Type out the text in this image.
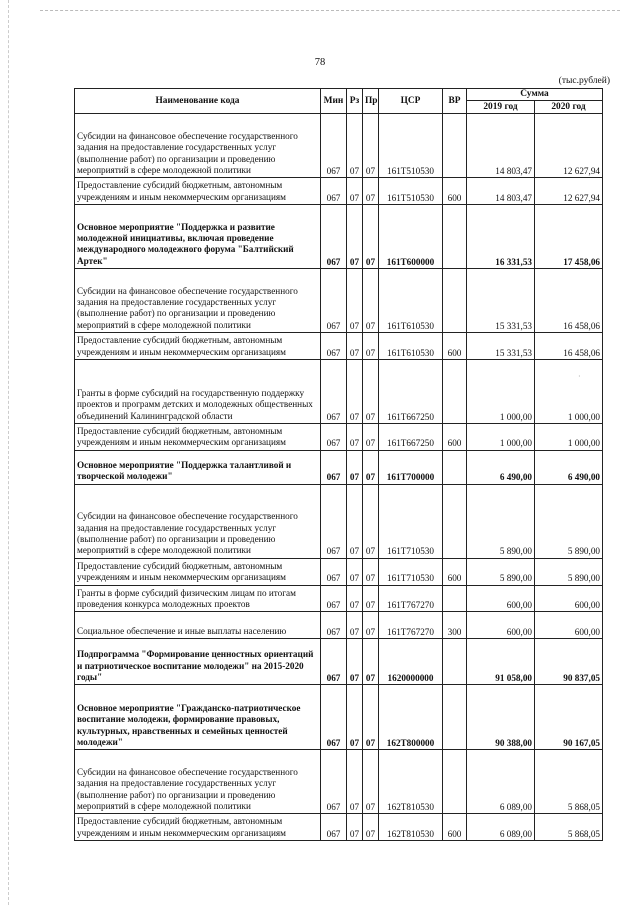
78
(тыс.рублей)
Наименование кода	Мин	Рз	Пр	ЦСР	ВР	Сумма	
						2019 год	2020 год
Субсидии на финансовое обеспечение государственного задания на предоставление государственных услуг (выполнение работ) по организации и проведению мероприятий в сфере молодежной политики	067	07	07	161Т510530		14 803,47	12 627,94
Предоставление субсидий бюджетным, автономным учреждениям и иным некоммерческим организациям	067	07	07	161Т510530	600	14 803,47	12 627,94
Основное мероприятие "Поддержка и развитие молодежной инициативы, включая проведение международного молодежного форума "Балтийский Артек"	067	07	07	161Т600000		16 331,53	17 458,06
Субсидии на финансовое обеспечение государственного задания на предоставление государственных услуг (выполнение работ) по организации и проведению мероприятий в сфере молодежной политики	067	07	07	161Т610530		15 331,53	16 458,06
Предоставление субсидий бюджетным, автономным учреждениям и иным некоммерческим организациям	067	07	07	161Т610530	600	15 331,53	16 458,06
Гранты в форме субсидий на государственную поддержку проектов и программ детских и молодежных общественных объединений Калининградской области	067	07	07	161Т667250		1 000,00	1 000,00
Предоставление субсидий бюджетным, автономным учреждениям и иным некоммерческим организациям	067	07	07	161Т667250	600	1 000,00	1 000,00
Основное мероприятие "Поддержка талантливой и творческой молодежи"	067	07	07	161Т700000		6 490,00	6 490,00
Субсидии на финансовое обеспечение государственного задания на предоставление государственных услуг (выполнение работ) по организации и проведению мероприятий в сфере молодежной политики	067	07	07	161Т710530		5 890,00	5 890,00
Предоставление субсидий бюджетным, автономным учреждениям и иным некоммерческим организациям	067	07	07	161Т710530	600	5 890,00	5 890,00
Гранты в форме субсидий физическим лицам по итогам проведения конкурса молодежных проектов	067	07	07	161Т767270		600,00	600,00
Социальное обеспечение и иные выплаты населению	067	07	07	161Т767270	300	600,00	600,00
Подпрограмма "Формирование ценностных ориентаций и патриотическое воспитание молодежи" на 2015-2020 годы"	067	07	07	1620000000		91 058,00	90 837,05
Основное мероприятие "Гражданско-патриотическое воспитание молодежи, формирование правовых, культурных, нравственных и семейных ценностей молодежи"	067	07	07	162Т800000		90 388,00	90 167,05
Субсидии на финансовое обеспечение государственного задания на предоставление государственных услуг (выполнение работ) по организации и проведению мероприятий в сфере молодежной политики	067	07	07	162Т810530		6 089,00	5 868,05
Предоставление субсидий бюджетным, автономным учреждениям и иным некоммерческим организациям	067	07	07	162Т810530	600	6 089,00	5 868,05
·
